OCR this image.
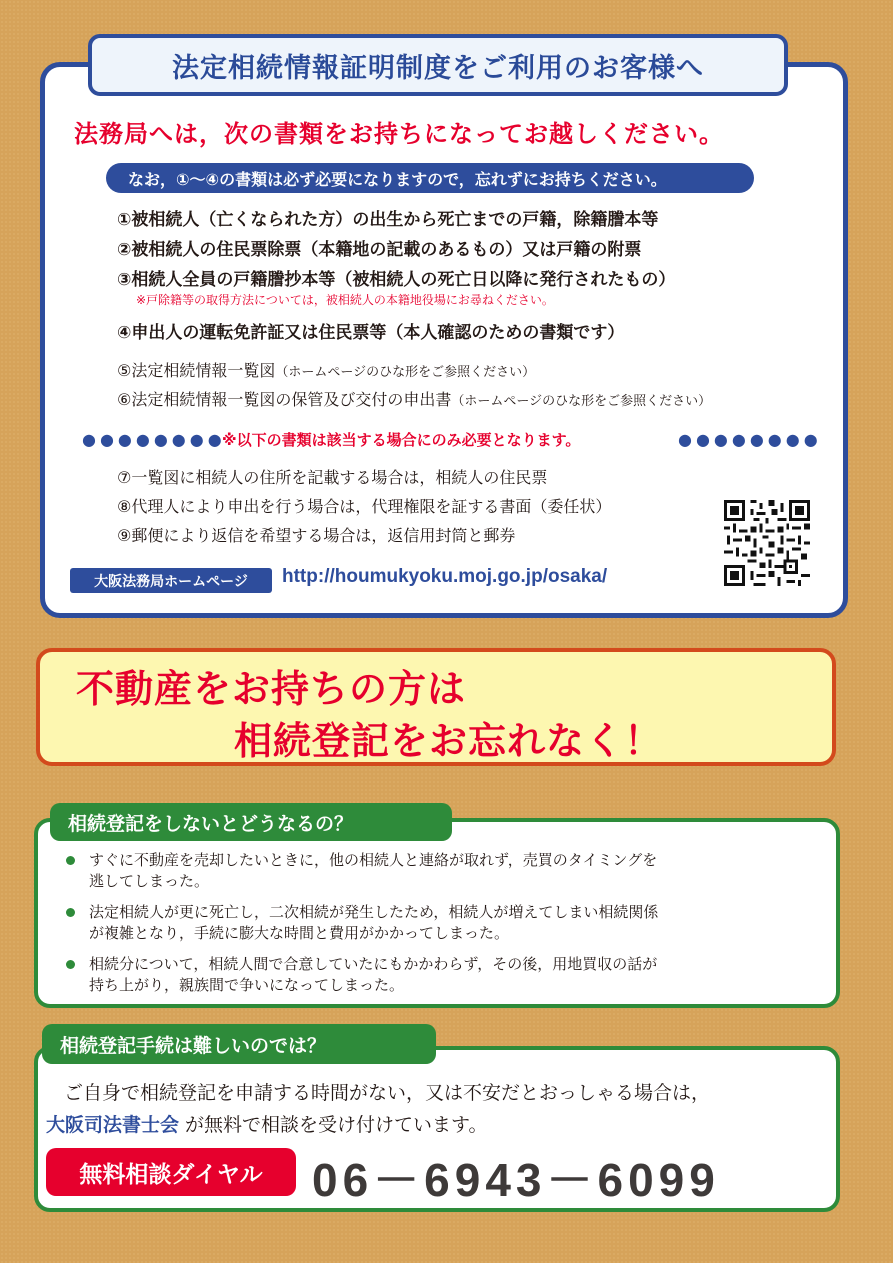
法定相続情報証明制度をご利用のお客様へ
法務局へは，次の書類をお持ちになってお越しください。
なお，①～④の書類は必ず必要になりますので，忘れずにお持ちください。
①被相続人（亡くなられた方）の出生から死亡までの戸籍，除籍謄本等
②被相続人の住民票除票（本籍地の記載のあるもの）又は戸籍の附票
③相続人全員の戸籍謄抄本等（被相続人の死亡日以降に発行されたもの）
※戸除籍等の取得方法については，被相続人の本籍地役場にお尋ねください。
④申出人の運転免許証又は住民票等（本人確認のための書類です）
⑤法定相続情報一覧図（ホームページのひな形をご参照ください）
⑥法定相続情報一覧図の保管及び交付の申出書（ホームページのひな形をご参照ください）
●●●●●●●●
※以下の書類は該当する場合にのみ必要となります。	●●●●●●●●
⑦一覧図に相続人の住所を記載する場合は，相続人の住民票
⑧代理人により申出を行う場合は，代理権限を証する書面（委任状）
⑨郵便により返信を希望する場合は，返信用封筒と郵券
大阪法務局ホームページ	http://houmukyoku.moj.go.jp/osaka/
不動産をお持ちの方は
相続登記をお忘れなく！
相続登記をしないとどうなるの？
すぐに不動産を売却したいときに，他の相続人と連絡が取れず，売買のタイミングを
逃してしまった。
法定相続人が更に死亡し，二次相続が発生したため，相続人が増えてしまい相続関係
が複雑となり，手続に膨大な時間と費用がかかってしまった。
相続分について，相続人間で合意していたにもかかわらず，その後，用地買収の話が
持ち上がり，親族間で争いになってしまった。
相続登記手続は難しいのでは？
ご自身で相続登記を申請する時間がない，又は不安だとおっしゃる場合は，
大阪司法書士会 が無料で相談を受け付けています。
無料相談ダイヤル	06－6943－6099
